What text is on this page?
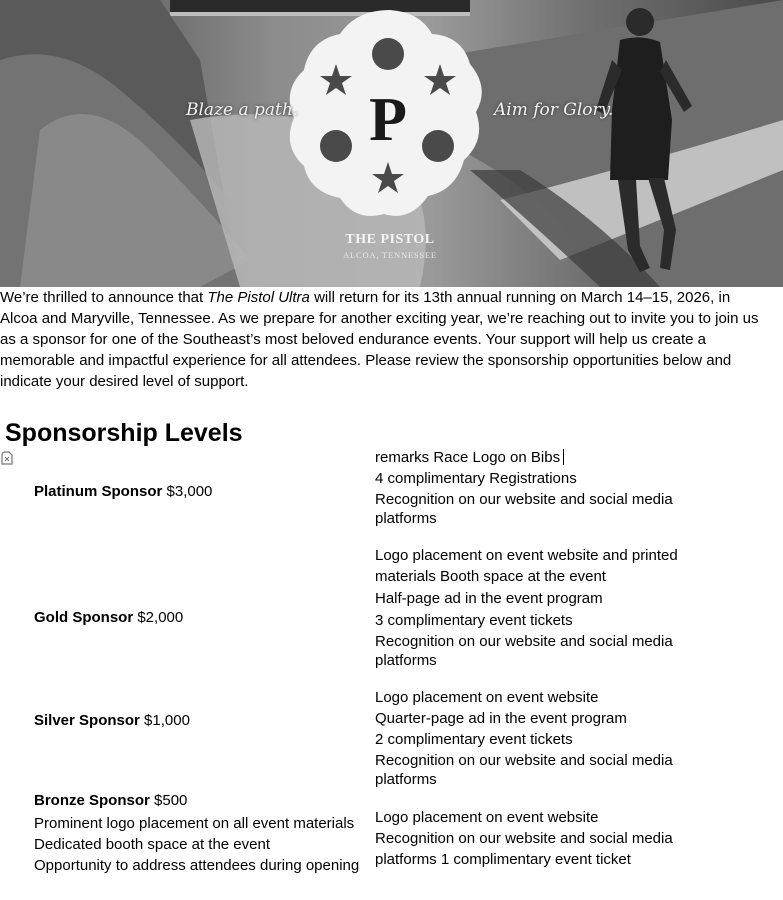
P
Blaze a path.	Aim for Glory.
THE PISTOL
ALCOA, TENNESSEE
We’re thrilled to announce that The Pistol Ultra will return for its 13th annual running on March 14–15, 2026, in
Alcoa and Maryville, Tennessee. As we prepare for another exciting year, we’re reaching out to invite you to join us
as a sponsor for one of the Southeast’s most beloved endurance events. Your support will help us create a
memorable and impactful experience for all attendees. Please review the sponsorship opportunities below and
indicate your desired level of support.
Sponsorship Levels
Platinum Sponsor $3,000
remarks Race Logo on Bibs
4 complimentary Registrations
Recognition on our website and social media
platforms
Gold Sponsor $2,000
Logo placement on event website and printed
materials Booth space at the event
Half-page ad in the event program
3 complimentary event tickets
Recognition on our website and social media
platforms
Silver Sponsor $1,000
Logo placement on event website
Quarter-page ad in the event program
2 complimentary event tickets
Recognition on our website and social media
platforms
Bronze Sponsor $500
Prominent logo placement on all event materials
Dedicated booth space at the event
Opportunity to address attendees during opening
Logo placement on event website
Recognition on our website and social media
platforms 1 complimentary event ticket
